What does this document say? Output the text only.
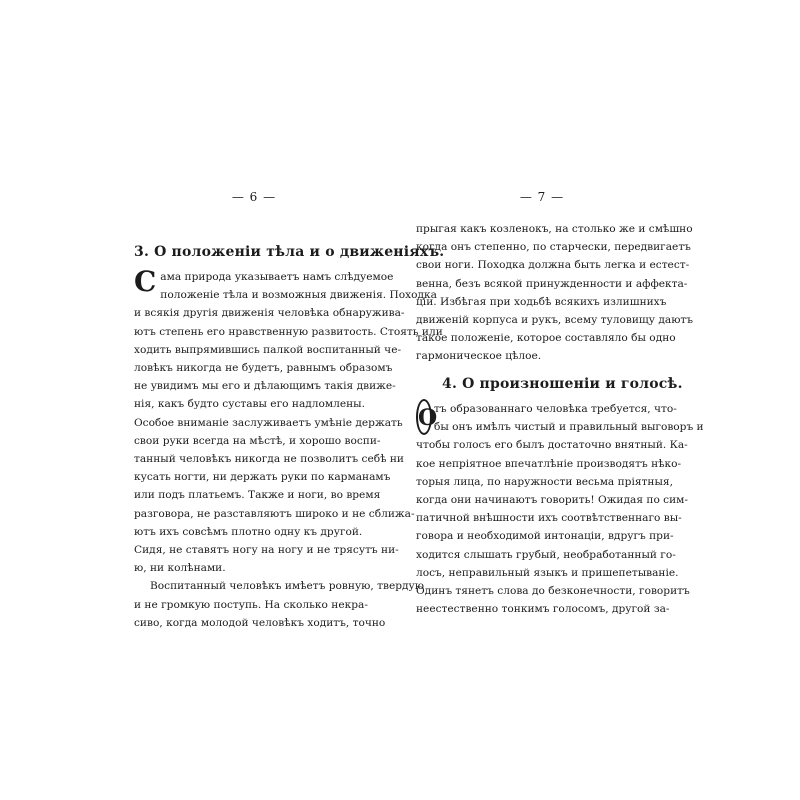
— 6 —
3. О положеніи тѣла и о движеніяхъ.
С ама природа указываетъ намъ слѣдуемое
положеніе тѣла и возможныя движенія. Походка
и всякія другія движенія человѣка обнаружива-
ютъ степень его нравственную развитость. Стоять или
ходить выпрямившись палкой воспитанный че-
ловѣкъ никогда не будетъ, равнымъ образомъ
не увидимъ мы его и дѣлающимъ такія движе-
нія, какъ будто суставы его надломлены.
Особое вниманіе заслуживаетъ умѣніе держать
свои руки всегда на мѣстѣ, и хорошо воспи-
танный человѣкъ никогда не позволитъ себѣ ни
кусать ногти, ни держать руки по карманамъ
или подъ платьемъ. Также и ноги, во время
разговора, не разставляютъ широко и не сближа-
ютъ ихъ совсѣмъ плотно одну къ другой.
Сидя, не ставятъ ногу на ногу и не трясутъ ни-
ю, ни колѣнами.
Воспитанный человѣкъ имѣетъ ровную, твердую
и не громкую поступь. На сколько некра-
сиво, когда молодой человѣкъ ходитъ, точно
— 7 —
прыгая какъ козленокъ, на столько же и смѣшно
когда онъ степенно, по старчески, передвигаетъ
свои ноги. Походка должна быть легка и естест-
венна, безъ всякой принужденности и аффекта-
ціи. Избѣгая при ходьбѣ всякихъ излишнихъ
движеній корпуса и рукъ, всему туловищу даютъ
такое положеніе, которое составляло бы одно
гармоническое цѣлое.
4. О произношеніи и голосѣ.
О
тъ образованнаго человѣка требуется, что-
бы онъ имѣлъ чистый и правильный выговоръ и
чтобы голосъ его былъ достаточно внятный. Ка-
кое непріятное впечатлѣніе производятъ нѣко-
торыя лица, по наружности весьма пріятныя,
когда они начинаютъ говорить! Ожидая по сим-
патичной внѣшности ихъ соотвѣтственнаго вы-
говора и необходимой интонаціи, вдругъ при-
ходится слышать грубый, необработанный го-
лосъ, неправильный языкъ и пришепетываніе.
Одинъ тянетъ слова до безконечности, говоритъ
неестественно тонкимъ голосомъ, другой за-
